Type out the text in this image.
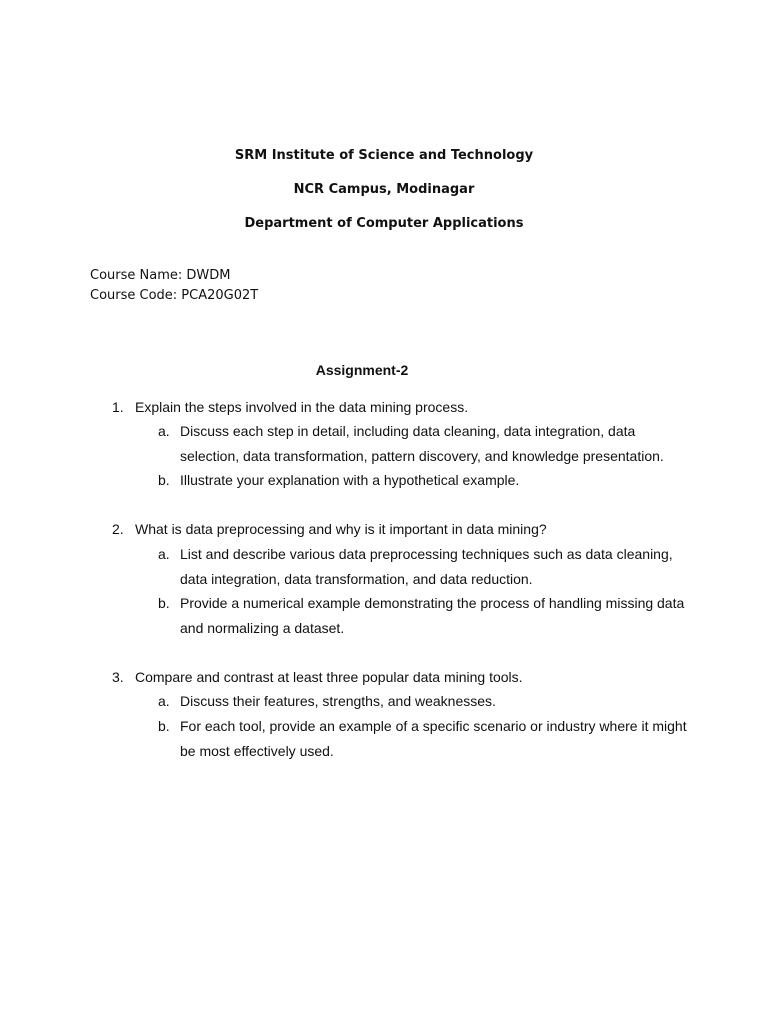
SRM Institute of Science and Technology
NCR Campus, Modinagar
Department of Computer Applications
Course Name: DWDM
Course Code: PCA20G02T
Assignment-2
1. Explain the steps involved in the data mining process.
a. Discuss each step in detail, including data cleaning, data integration, data selection, data transformation, pattern discovery, and knowledge presentation.
b. Illustrate your explanation with a hypothetical example.
2. What is data preprocessing and why is it important in data mining?
a. List and describe various data preprocessing techniques such as data cleaning, data integration, data transformation, and data reduction.
b. Provide a numerical example demonstrating the process of handling missing data and normalizing a dataset.
3. Compare and contrast at least three popular data mining tools.
a. Discuss their features, strengths, and weaknesses.
b. For each tool, provide an example of a specific scenario or industry where it might be most effectively used.
